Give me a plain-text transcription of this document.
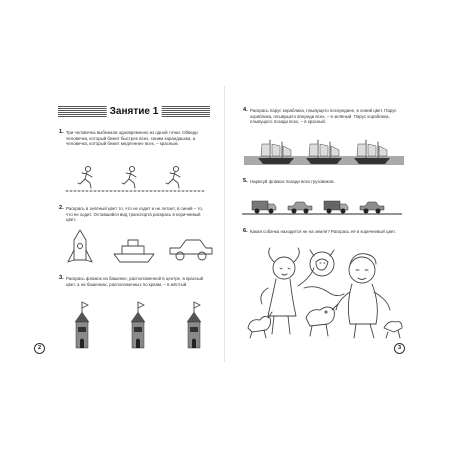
Занятие 1
1. Три человечка выбежали одновременно из одной точки. Обведи человечка, который бежит быстрее всех, синим карандашом, а человечка, который бежит медленнее всех, – красным.
2. Раскрась в зелёный цвет то, что не ездит и не летает, в синий – то, что не ходит. Оставшийся вид транспорта раскрась в коричневый цвет.
3. Раскрась флажок на башенке, расположенной в центре, в красный цвет, а на башенках, расположенных по краям, – в жёлтый.
2
4. Раскрась парус кораблика, плывущего посередине, в синий цвет. Парус кораблика, плывущего впереди всех, – в зелёный. Парус кораблика, плывущего позади всех, – в красный.
5. Нарисуй флажок позади всех грузовиков.
6. Какая собачка находится не на земле? Раскрась её в коричневый цвет.
3
